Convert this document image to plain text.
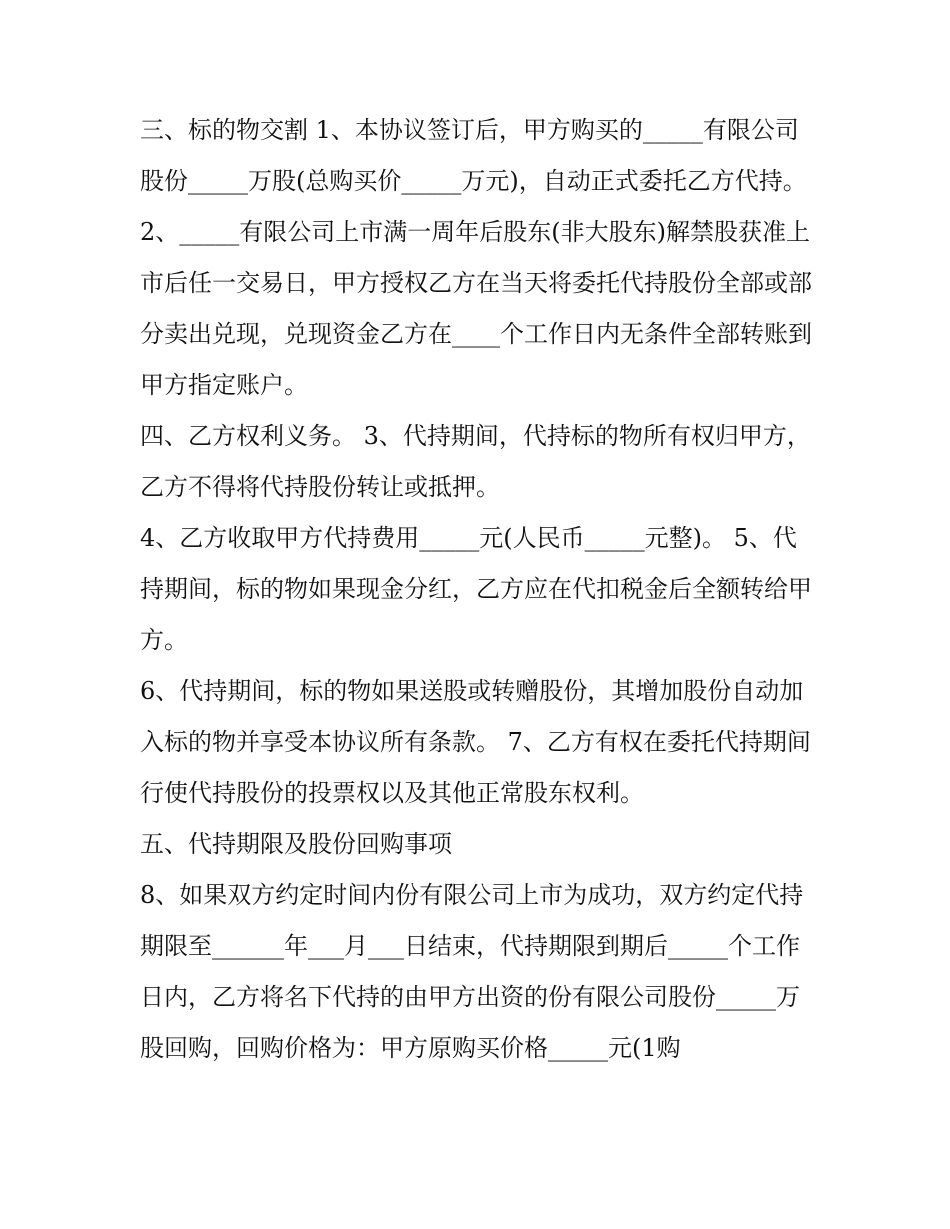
三、标的物交割 1、本协议签订后，甲方购买的_____有限公司股份_____万股(总购买价_____万元)，自动正式委托乙方代持。

2、_____有限公司上市满一周年后股东(非大股东)解禁股获准上市后任一交易日，甲方授权乙方在当天将委托代持股份全部或部分卖出兑现，兑现资金乙方在____个工作日内无条件全部转账到甲方指定账户。

四、乙方权利义务。 3、代持期间，代持标的物所有权归甲方，乙方不得将代持股份转让或抵押。

4、乙方收取甲方代持费用_____元(人民币_____元整)。 5、代持期间，标的物如果现金分红，乙方应在代扣税金后全额转给甲方。

6、代持期间，标的物如果送股或转赠股份，其增加股份自动加入标的物并享受本协议所有条款。 7、乙方有权在委托代持期间行使代持股份的投票权以及其他正常股东权利。

五、代持期限及股份回购事项

8、如果双方约定时间内份有限公司上市为成功，双方约定代持期限至______年___月___日结束，代持期限到期后_____个工作日内，乙方将名下代持的由甲方出资的份有限公司股份_____万股回购，回购价格为：甲方原购买价格_____元(1购
